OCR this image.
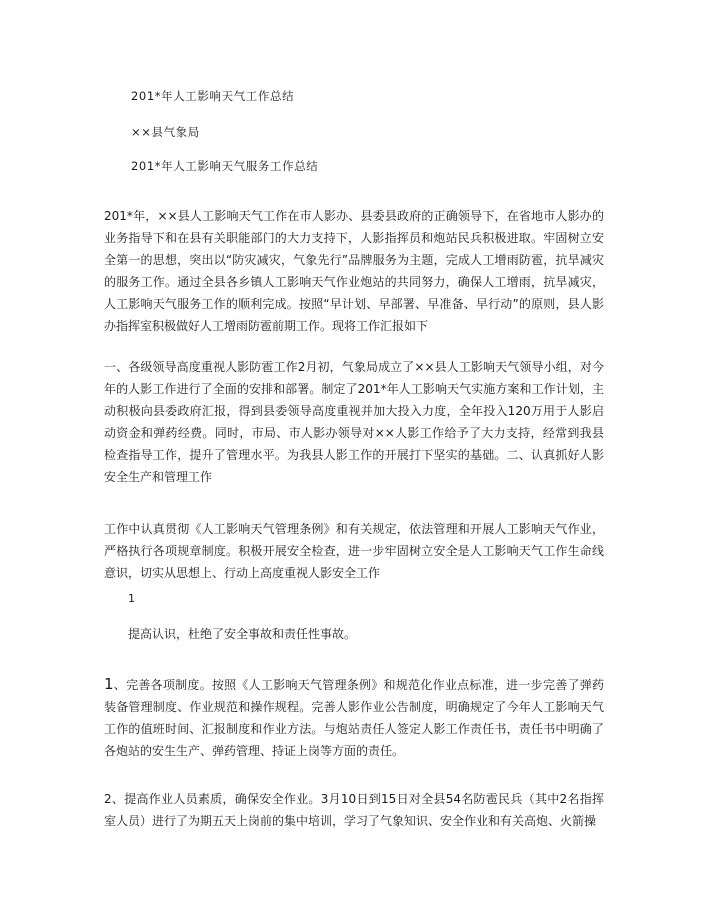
201*年人工影响天气工作总结
××县气象局
201*年人工影响天气服务工作总结
201*年，××县人工影响天气工作在市人影办、县委县政府的正确领导下，在省地市人影办的业务指导下和在县有关职能部门的大力支持下，人影指挥员和炮站民兵积极进取。牢固树立安全第一的思想，突出以“防灾减灾，气象先行”品牌服务为主题，完成人工增雨防雹，抗旱减灾的服务工作。通过全县各乡镇人工影响天气作业炮站的共同努力，确保人工增雨，抗旱减灾，人工影响天气服务工作的顺利完成。按照“早计划、早部署、早准备、早行动”的原则，县人影办指挥室积极做好人工增雨防雹前期工作。现将工作汇报如下
一、各级领导高度重视人影防雹工作2月初，气象局成立了××县人工影响天气领导小组，对今年的人影工作进行了全面的安排和部署。制定了201*年人工影响天气实施方案和工作计划，主动积极向县委政府汇报，得到县委领导高度重视并加大投入力度，全年投入120万用于人影启动资金和弹药经费。同时，市局、市人影办领导对××人影工作给予了大力支持，经常到我县检查指导工作，提升了管理水平。为我县人影工作的开展打下坚实的基础。二、认真抓好人影安全生产和管理工作
工作中认真贯彻《人工影响天气管理条例》和有关规定，依法管理和开展人工影响天气作业，严格执行各项规章制度。积极开展安全检查，进一步牢固树立安全是人工影响天气工作生命线意识，切实从思想上、行动上高度重视人影安全工作
1
提高认识，杜绝了安全事故和责任性事故。
1、完善各项制度。按照《人工影响天气管理条例》和规范化作业点标准，进一步完善了弹药装备管理制度、作业规范和操作规程。完善人影作业公告制度，明确规定了今年人工影响天气工作的值班时间、汇报制度和作业方法。与炮站责任人签定人影工作责任书，责任书中明确了各炮站的安生生产、弹药管理、持证上岗等方面的责任。
2、提高作业人员素质，确保安全作业。3月10日到15日对全县54名防雹民兵（其中2名指挥室人员）进行了为期五天上岗前的集中培训，学习了气象知识、安全作业和有关高炮、火箭操
